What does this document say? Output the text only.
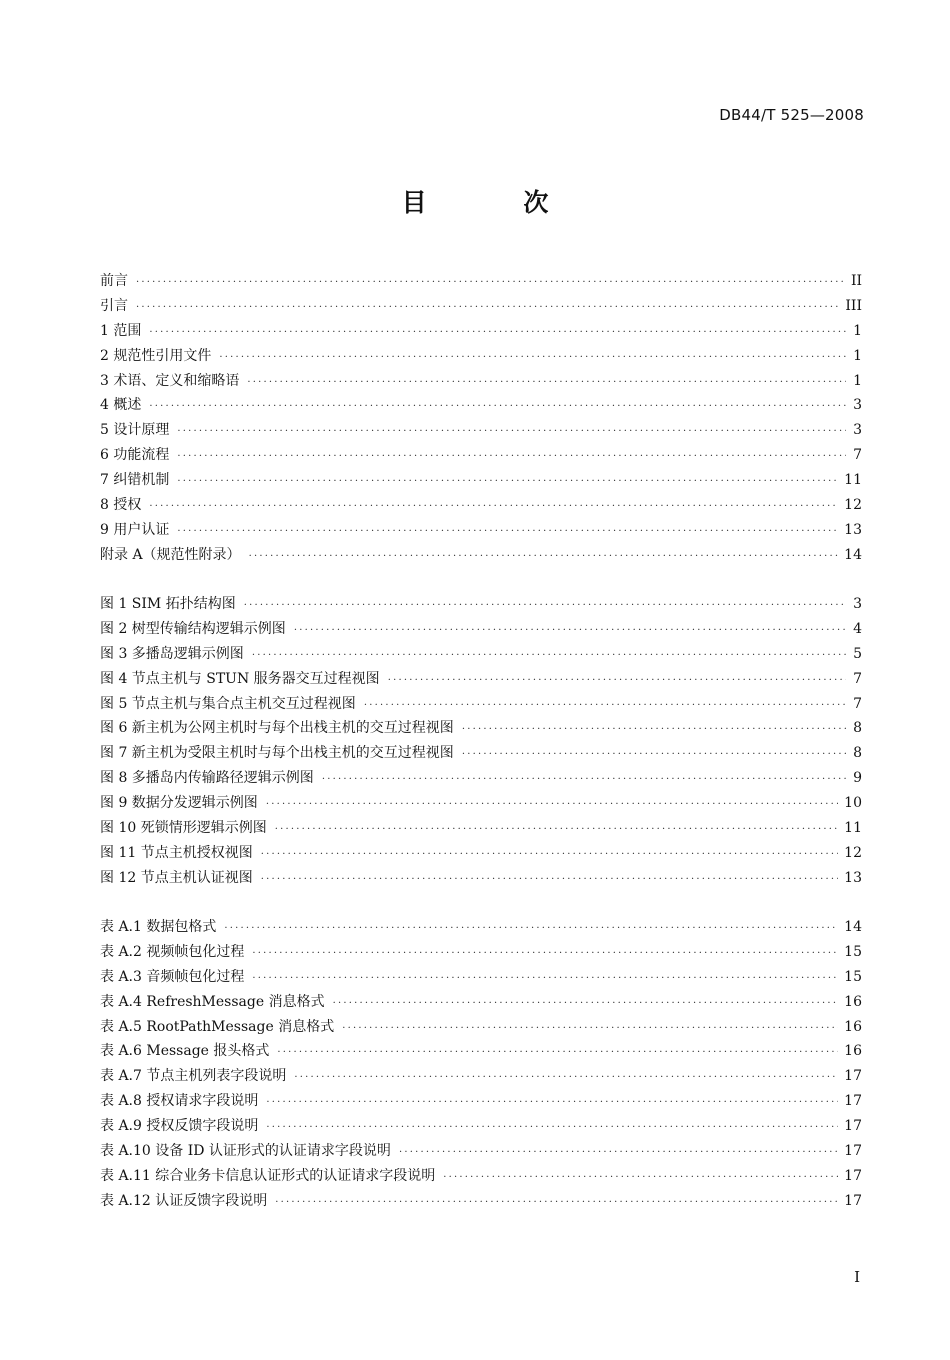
DB44/T 525—2008
目 次
前言 ·····	II
引言 ·····	III
1 范围 ·····	1
2 规范性引用文件 ·····	1
3 术语、定义和缩略语 ·····	1
4 概述 ·····	3
5 设计原理 ·····	3
6 功能流程 ·····	7
7 纠错机制 ·····	11
8 授权 ·····	12
9 用户认证 ·····	13
附录 A（规范性附录） ·····	14
图 1 SIM 拓扑结构图 ·····	3
图 2 树型传输结构逻辑示例图 ·····	4
图 3 多播岛逻辑示例图 ·····	5
图 4 节点主机与 STUN 服务器交互过程视图 ·····	7
图 5 节点主机与集合点主机交互过程视图 ·····	7
图 6 新主机为公网主机时与每个出栈主机的交互过程视图 ·····	8
图 7 新主机为受限主机时与每个出栈主机的交互过程视图 ·····	8
图 8 多播岛内传输路径逻辑示例图 ·····	9
图 9 数据分发逻辑示例图 ·····	10
图 10 死锁情形逻辑示例图 ·····	11
图 11 节点主机授权视图 ·····	12
图 12 节点主机认证视图 ·····	13
表 A.1 数据包格式 ·····	14
表 A.2 视频帧包化过程 ·····	15
表 A.3 音频帧包化过程 ·····	15
表 A.4 RefreshMessage 消息格式 ·····	16
表 A.5 RootPathMessage 消息格式 ·····	16
表 A.6 Message 报头格式 ·····	16
表 A.7 节点主机列表字段说明 ·····	17
表 A.8 授权请求字段说明 ·····	17
表 A.9 授权反馈字段说明 ·····	17
表 A.10 设备 ID 认证形式的认证请求字段说明 ·····	17
表 A.11 综合业务卡信息认证形式的认证请求字段说明 ·····	17
表 A.12 认证反馈字段说明 ·····	17
I
